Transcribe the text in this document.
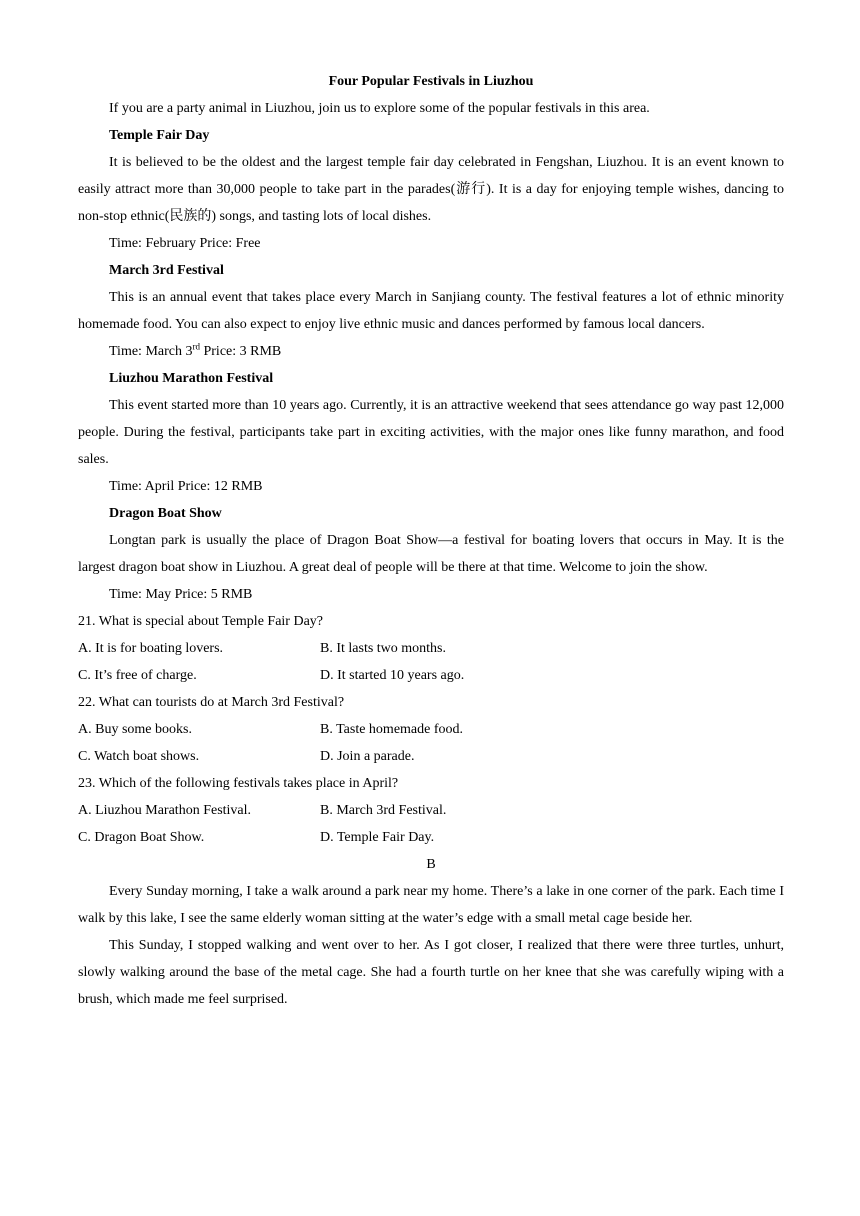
Four Popular Festivals in Liuzhou

If you are a party animal in Liuzhou, join us to explore some of the popular festivals in this area.

Temple Fair Day

It is believed to be the oldest and the largest temple fair day celebrated in Fengshan, Liuzhou. It is an event known to easily attract more than 30,000 people to take part in the parades(游行). It is a day for enjoying temple wishes, dancing to non-stop ethnic(民族的) songs, and tasting lots of local dishes.

Time: February Price: Free

March 3rd Festival

This is an annual event that takes place every March in Sanjiang county. The festival features a lot of ethnic minority homemade food. You can also expect to enjoy live ethnic music and dances performed by famous local dancers.

Time: March 3rd Price: 3 RMB

Liuzhou Marathon Festival

This event started more than 10 years ago. Currently, it is an attractive weekend that sees attendance go way past 12,000 people. During the festival, participants take part in exciting activities, with the major ones like funny marathon, and food sales.

Time: April Price: 12 RMB

Dragon Boat Show

Longtan park is usually the place of Dragon Boat Show—a festival for boating lovers that occurs in May. It is the largest dragon boat show in Liuzhou. A great deal of people will be there at that time. Welcome to join the show.

Time: May Price: 5 RMB

21. What is special about Temple Fair Day?

A. It is for boating lovers.	B. It lasts two months.
C. It’s free of charge.	D. It started 10 years ago.

22. What can tourists do at March 3rd Festival?

A. Buy some books.	B. Taste homemade food.
C. Watch boat shows.	D. Join a parade.

23. Which of the following festivals takes place in April?

A. Liuzhou Marathon Festival.	B. March 3rd Festival.
C. Dragon Boat Show.	D. Temple Fair Day.

B

Every Sunday morning, I take a walk around a park near my home. There’s a lake in one corner of the park. Each time I walk by this lake, I see the same elderly woman sitting at the water’s edge with a small metal cage beside her.

This Sunday, I stopped walking and went over to her. As I got closer, I realized that there were three turtles, unhurt, slowly walking around the base of the metal cage. She had a fourth turtle on her knee that she was carefully wiping with a brush, which made me feel surprised.
